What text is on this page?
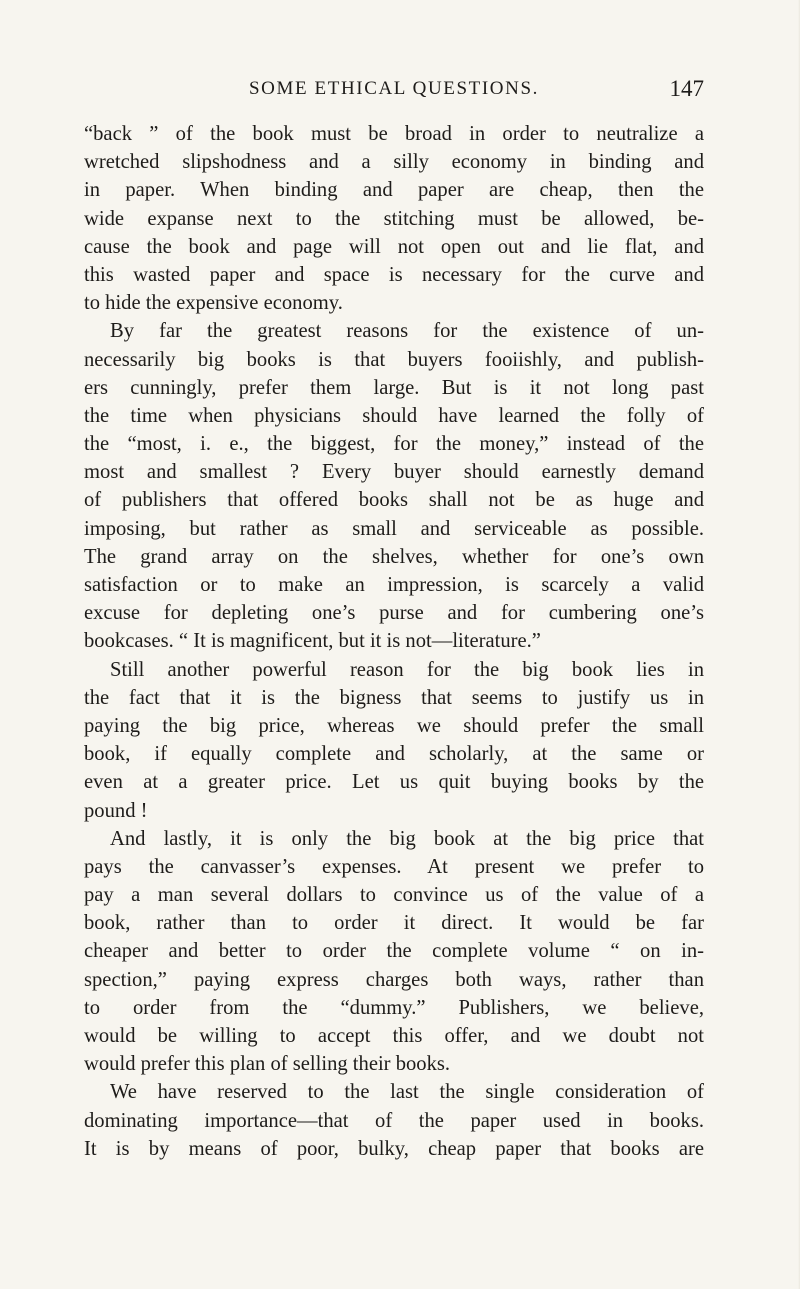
SOME ETHICAL QUESTIONS.	147
“back ” of the book must be broad in order to neutralize a
wretched slipshodness and a silly economy in binding and
in paper. When binding and paper are cheap, then the
wide expanse next to the stitching must be allowed, be-
cause the book and page will not open out and lie flat, and
this wasted paper and space is necessary for the curve and
to hide the expensive economy.
By far the greatest reasons for the existence of un-
necessarily big books is that buyers fooiishly, and publish-
ers cunningly, prefer them large. But is it not long past
the time when physicians should have learned the folly of
the “most, i. e., the biggest, for the money,” instead of the
most and smallest ? Every buyer should earnestly demand
of publishers that offered books shall not be as huge and
imposing, but rather as small and serviceable as possible.
The grand array on the shelves, whether for one’s own
satisfaction or to make an impression, is scarcely a valid
excuse for depleting one’s purse and for cumbering one’s
bookcases. “ It is magnificent, but it is not—literature.”
Still another powerful reason for the big book lies in
the fact that it is the bigness that seems to justify us in
paying the big price, whereas we should prefer the small
book, if equally complete and scholarly, at the same or
even at a greater price. Let us quit buying books by the
pound !
And lastly, it is only the big book at the big price that
pays the canvasser’s expenses. At present we prefer to
pay a man several dollars to convince us of the value of a
book, rather than to order it direct. It would be far
cheaper and better to order the complete volume “ on in-
spection,” paying express charges both ways, rather than
to order from the “dummy.” Publishers, we believe,
would be willing to accept this offer, and we doubt not
would prefer this plan of selling their books.
We have reserved to the last the single consideration of
dominating importance—that of the paper used in books.
It is by means of poor, bulky, cheap paper that books are
